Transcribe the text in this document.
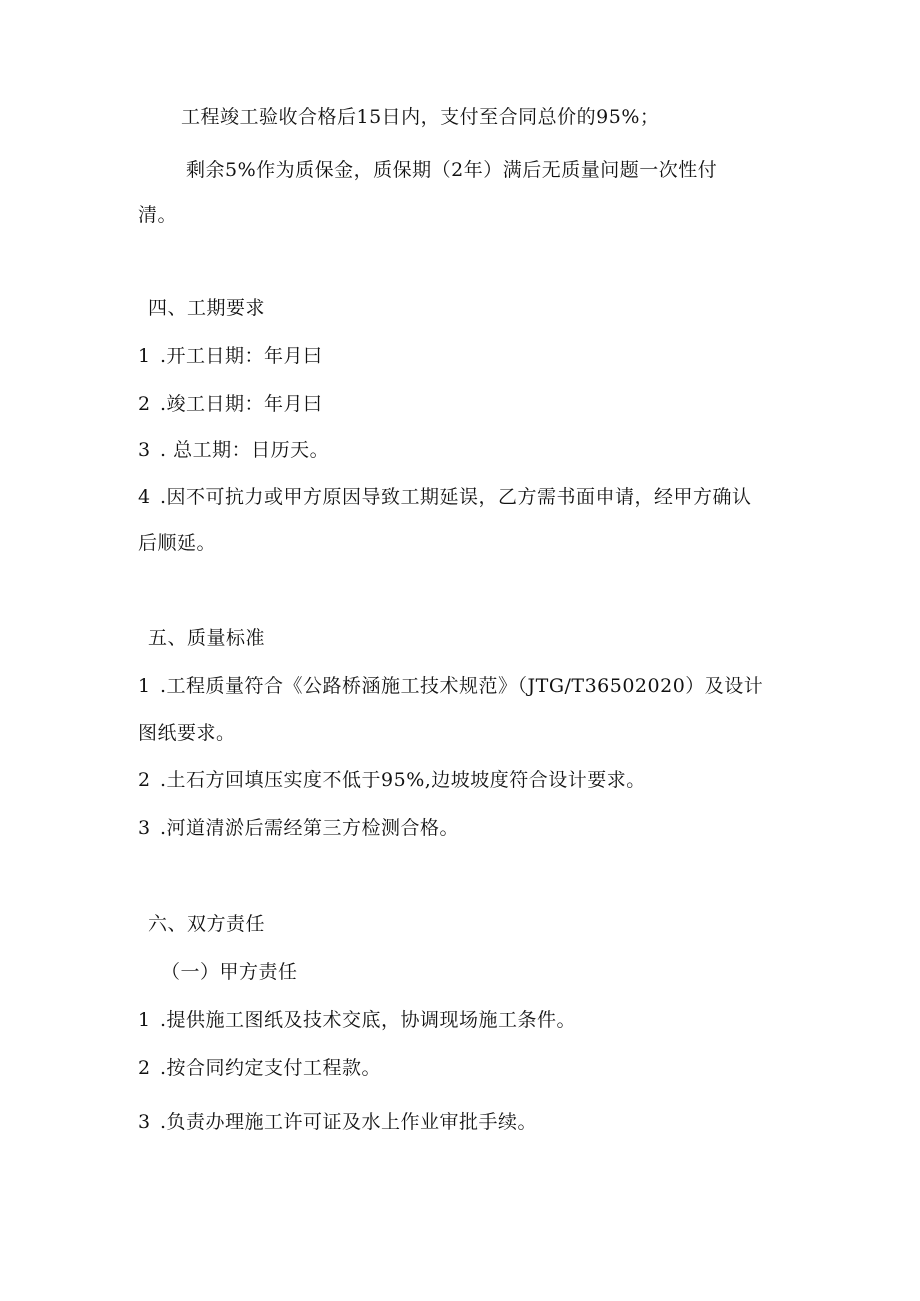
工程竣工验收合格后15日内，支付至合同总价的95%；

剩余5%作为质保金，质保期（2年）满后无质量问题一次性付

清。

四、工期要求

1 .开工日期：年月曰

2 .竣工日期：年月曰

3 . 总工期：日历天。

4 .因不可抗力或甲方原因导致工期延误，乙方需书面申请，经甲方确认

后顺延。

五、质量标准

1 .工程质量符合《公路桥涵施工技术规范》（JTG/T36502020）及设计

图纸要求。

2 .土石方回填压实度不低于95%,边坡坡度符合设计要求。

3 .河道清淤后需经第三方检测合格。

六、双方责任

（一）甲方责任

1 .提供施工图纸及技术交底，协调现场施工条件。

2 .按合同约定支付工程款。

3 .负责办理施工许可证及水上作业审批手续。
